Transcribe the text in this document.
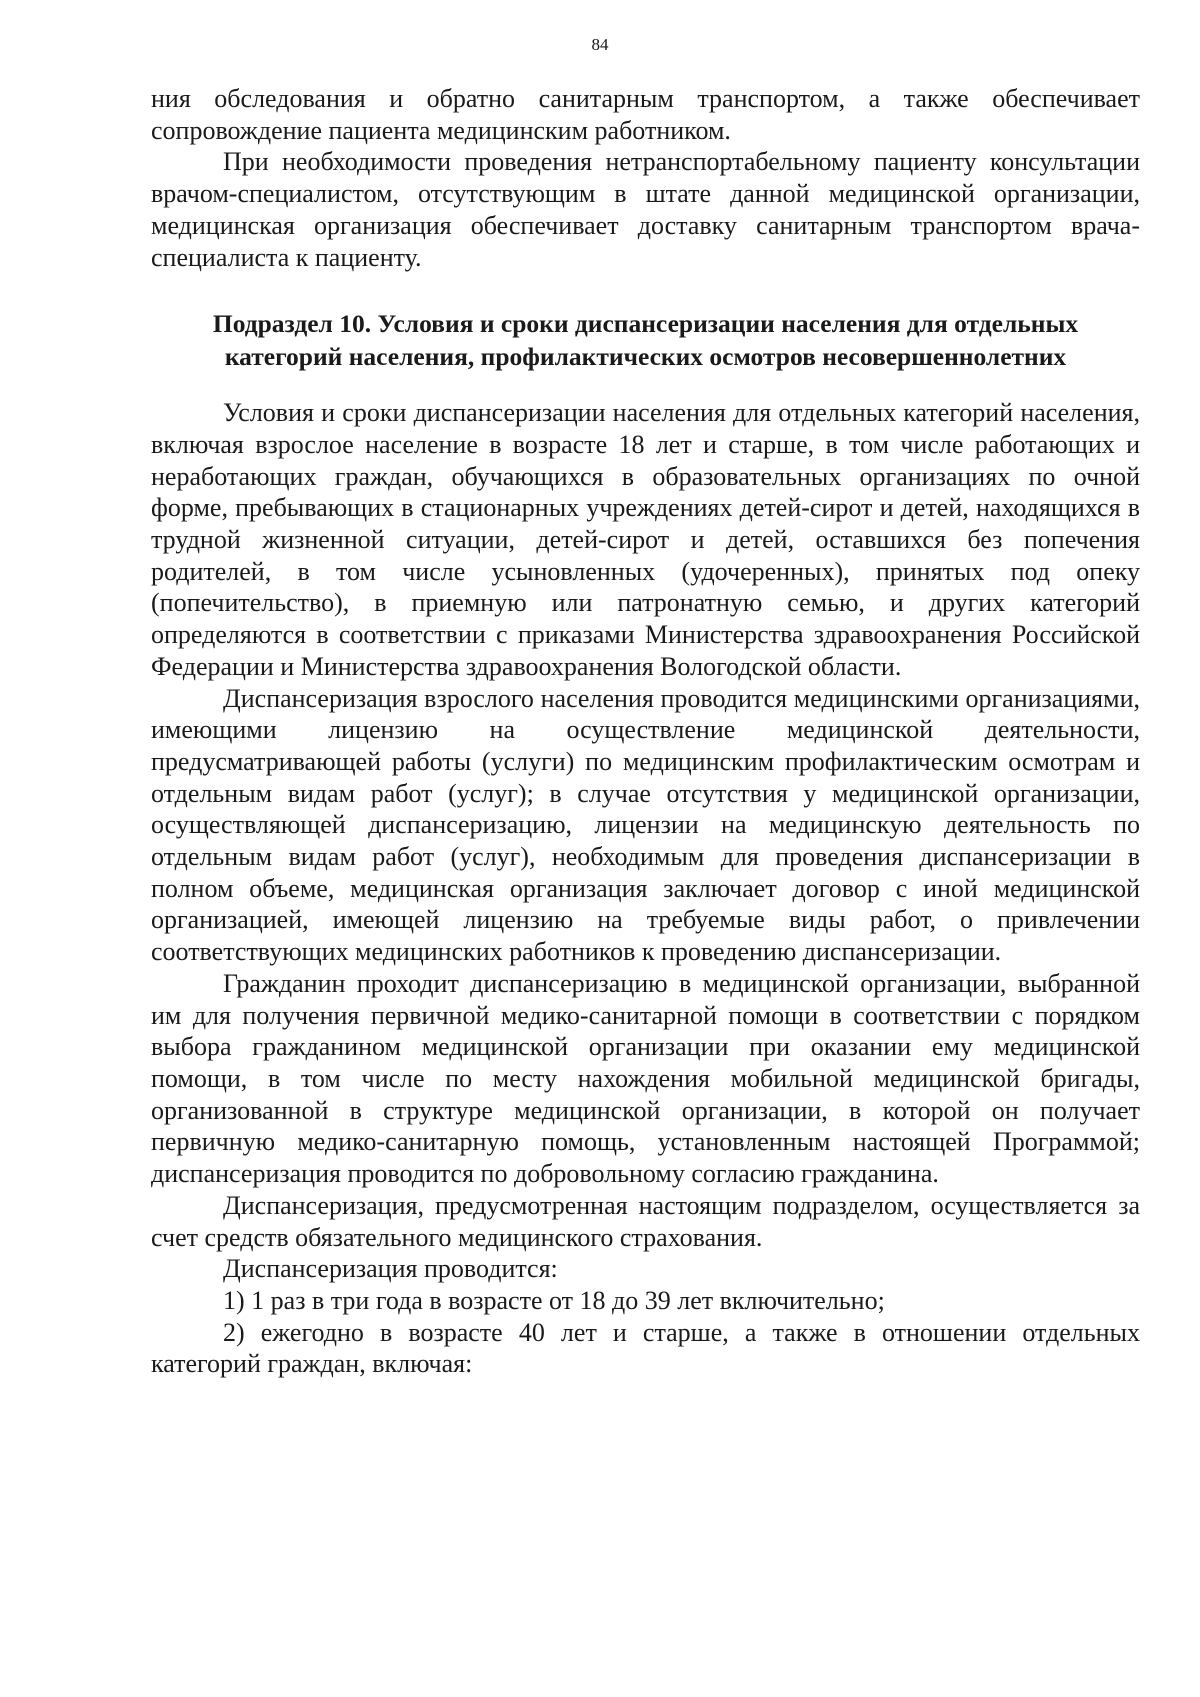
84

ния обследования и обратно санитарным транспортом, а также обеспечивает сопровождение пациента медицинским работником.

При необходимости проведения нетранспортабельному пациенту консультации врачом-специалистом, отсутствующим в штате данной медицинской организации, медицинская организация обеспечивает доставку санитарным транспортом врача-специалиста к пациенту.

Подраздел 10. Условия и сроки диспансеризации населения для отдельных
категорий населения, профилактических осмотров несовершеннолетних

Условия и сроки диспансеризации населения для отдельных категорий населения, включая взрослое население в возрасте 18 лет и старше, в том числе работающих и неработающих граждан, обучающихся в образовательных организациях по очной форме, пребывающих в стационарных учреждениях детей-сирот и детей, находящихся в трудной жизненной ситуации, детей-сирот и детей, оставшихся без попечения родителей, в том числе усыновленных (удочеренных), принятых под опеку (попечительство), в приемную или патронатную семью, и других категорий определяются в соответствии с приказами Министерства здравоохранения Российской Федерации и Министерства здравоохранения Вологодской области.

Диспансеризация взрослого населения проводится медицинскими организациями, имеющими лицензию на осуществление медицинской деятельности, предусматривающей работы (услуги) по медицинским профилактическим осмотрам и отдельным видам работ (услуг); в случае отсутствия у медицинской организации, осуществляющей диспансеризацию, лицензии на медицинскую деятельность по отдельным видам работ (услуг), необходимым для проведения диспансеризации в полном объеме, медицинская организация заключает договор с иной медицинской организацией, имеющей лицензию на требуемые виды работ, о привлечении соответствующих медицинских работников к проведению диспансеризации.

Гражданин проходит диспансеризацию в медицинской организации, выбранной им для получения первичной медико-санитарной помощи в соответствии с порядком выбора гражданином медицинской организации при оказании ему медицинской помощи, в том числе по месту нахождения мобильной медицинской бригады, организованной в структуре медицинской организации, в которой он получает первичную медико-санитарную помощь, установленным настоящей Программой; диспансеризация проводится по добровольному согласию гражданина.

Диспансеризация, предусмотренная настоящим подразделом, осуществляется за счет средств обязательного медицинского страхования.

Диспансеризация проводится:

1) 1 раз в три года в возрасте от 18 до 39 лет включительно;

2) ежегодно в возрасте 40 лет и старше, а также в отношении отдельных категорий граждан, включая:
